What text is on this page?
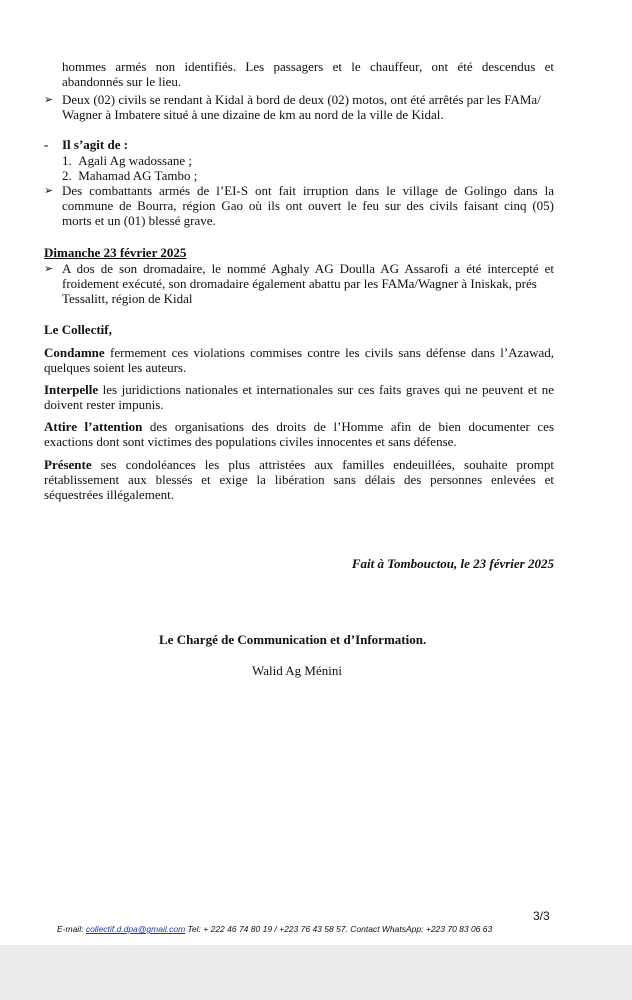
hommes armés non identifiés. Les passagers et le chauffeur, ont été descendus et
abandonnés sur le lieu.
➢ Deux (02) civils se rendant à Kidal à bord de deux (02) motos, ont été arrêtés par les FAMa/
Wagner à Imbatere situé à une dizaine de km au nord de la ville de Kidal.
- Il s’agit de :
1.  Agali Ag wadossane ;
2.  Mahamad AG Tambo ;
➢ Des combattants armés de l’EI-S ont fait irruption dans le village de Golingo dans la
commune de Bourra, région Gao où ils ont ouvert le feu sur des civils faisant cinq (05)
morts et un (01) blessé grave.
Dimanche 23 février 2025
➢ A dos de son dromadaire, le nommé Aghaly AG Doulla AG Assarofi a été intercepté et
froidement exécuté, son dromadaire également abattu par les FAMa/Wagner à Iniskak, prés
Tessalitt, région de Kidal
Le Collectif,
Condamne fermement ces violations commises contre les civils sans défense dans l’Azawad,
quelques soient les auteurs.
Interpelle les juridictions nationales et internationales sur ces faits graves qui ne peuvent et ne
doivent rester impunis.
Attire l’attention des organisations des droits de l’Homme afin de bien documenter ces
exactions dont sont victimes des populations civiles innocentes et sans défense.
Présente ses condoléances les plus attristées aux familles endeuillées, souhaite prompt
rétablissement aux blessés et exige la libération sans délais des personnes enlevées et
séquestrées illégalement.
Fait à Tombouctou, le 23 février 2025
Le Chargé de Communication et d’Information.
Walid Ag Ménini
3/3
E-mail: collectif.d.dpa@gmail.com Tel: + 222 46 74 80 19 / +223 76 43 58 57. Contact WhatsApp: +223 70 83 06 63
